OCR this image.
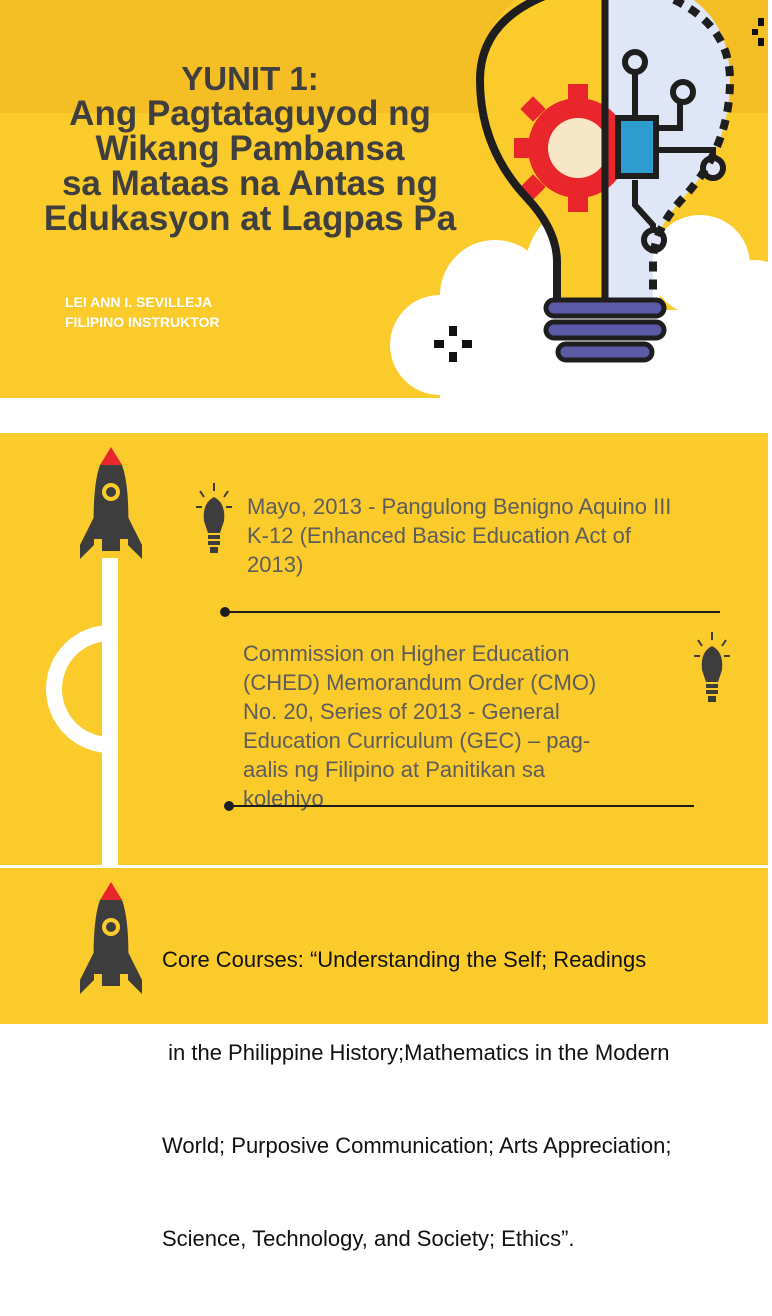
YUNIT 1:
Ang Pagtataguyod ng
Wikang Pambansa
sa Mataas na Antas ng
Edukasyon at Lagpas Pa
LEI ANN I. SEVILLEJA
FILIPINO INSTRUKTOR
Mayo, 2013 - Pangulong Benigno Aquino III
K-12 (Enhanced Basic Education Act of
2013)
Commission on Higher Education
(CHED) Memorandum Order (CMO)
No. 20, Series of 2013 - General
Education Curriculum (GEC) – pag-
aalis ng Filipino at Panitikan sa
kolehiyo

Core Courses: “Understanding the Self; Readings

in the Philippine History;Mathematics in the Modern

World; Purposive Communication; Arts Appreciation;

Science, Technology, and Society; Ethics”.
